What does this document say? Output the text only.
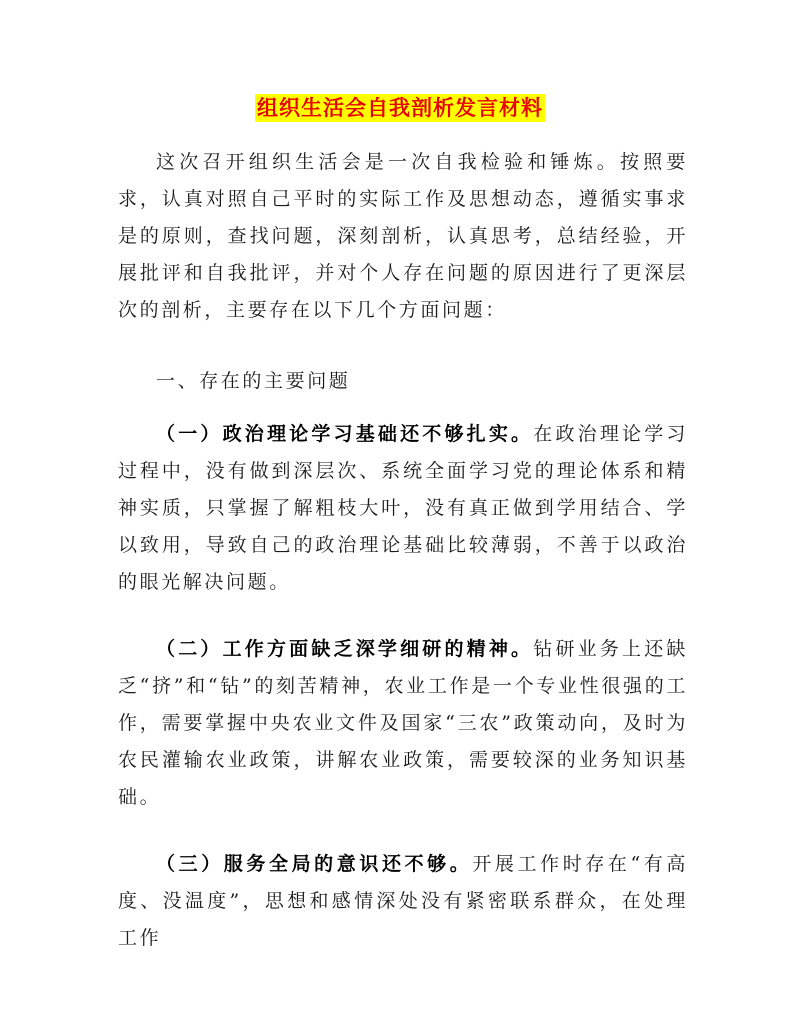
组织生活会自我剖析发言材料
这次召开组织生活会是一次自我检验和锤炼。按照要求，认真对照自己平时的实际工作及思想动态，遵循实事求是的原则，查找问题，深刻剖析，认真思考，总结经验，开展批评和自我批评，并对个人存在问题的原因进行了更深层次的剖析，主要存在以下几个方面问题：
一、存在的主要问题
（一）政治理论学习基础还不够扎实。在政治理论学习过程中，没有做到深层次、系统全面学习党的理论体系和精神实质，只掌握了解粗枝大叶，没有真正做到学用结合、学以致用，导致自己的政治理论基础比较薄弱，不善于以政治的眼光解决问题。
（二）工作方面缺乏深学细研的精神。钻研业务上还缺乏“挤”和“钻”的刻苦精神，农业工作是一个专业性很强的工作，需要掌握中央农业文件及国家“三农”政策动向，及时为农民灌输农业政策，讲解农业政策，需要较深的业务知识基础。
（三）服务全局的意识还不够。开展工作时存在“有高度、没温度”，思想和感情深处没有紧密联系群众，在处理工作
